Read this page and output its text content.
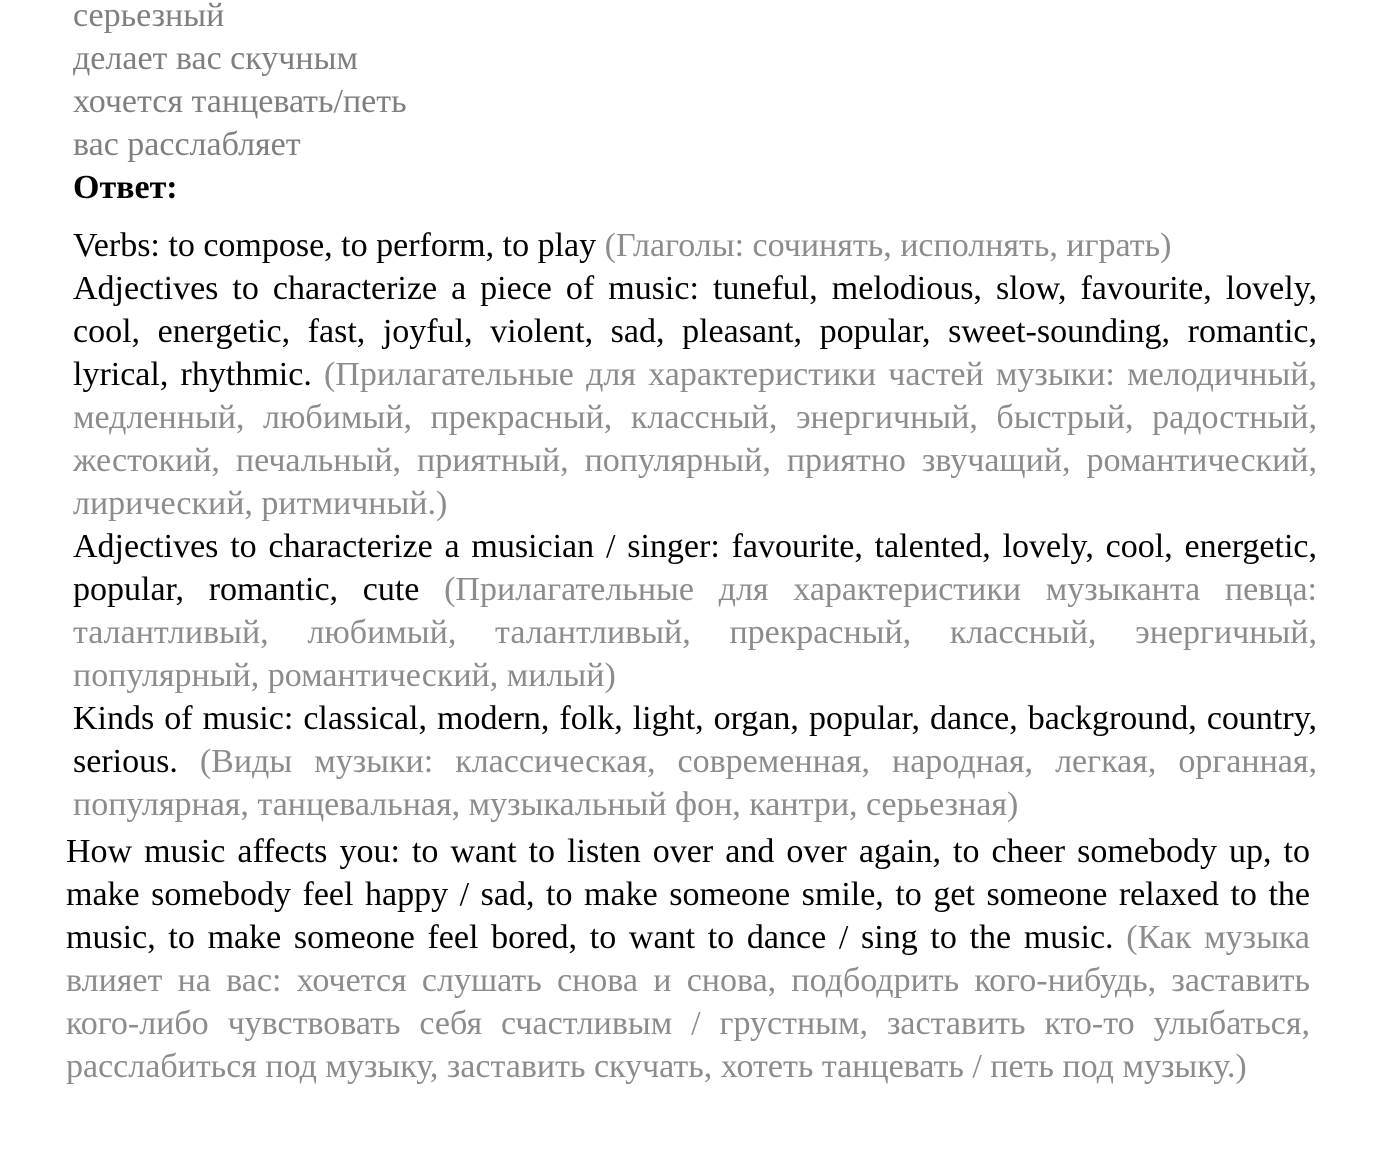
серьезный
делает вас скучным
хочется танцевать/петь
вас расслабляет
Ответ:

Verbs: to compose, to perform, to play (Глаголы: сочинять, исполнять, играть)

Adjectives to characterize a piece of music: tuneful, melodious, slow, favourite, lovely, cool, energetic, fast, joyful, violent, sad, pleasant, popular, sweet-sounding, romantic, lyrical, rhythmic. (Прилагательные для характеристики частей музыки: мелодичный, медленный, любимый, прекрасный, классный, энергичный, быстрый, радостный, жестокий, печальный, приятный, популярный, приятно звучащий, романтический, лирический, ритмичный.)

Adjectives to characterize a musician / singer: favourite, talented, lovely, cool, energetic, popular, romantic, cute (Прилагательные для характеристики музыканта певца: талантливый, любимый, талантливый, прекрасный, классный, энергичный, популярный, романтический, милый)

Kinds of music: classical, modern, folk, light, organ, popular, dance, background, country, serious. (Виды музыки: классическая, современная, народная, легкая, органная, популярная, танцевальная, музыкальный фон, кантри, серьезная)

How music affects you: to want to listen over and over again, to cheer somebody up, to make somebody feel happy / sad, to make someone smile, to get someone relaxed to the music, to make someone feel bored, to want to dance / sing to the music. (Как музыка влияет на вас: хочется слушать снова и снова, подбодрить кого-нибудь, заставить кого-либо чувствовать себя счастливым / грустным, заставить кто-то улыбаться, расслабиться под музыку, заставить скучать, хотеть танцевать / петь под музыку.)
